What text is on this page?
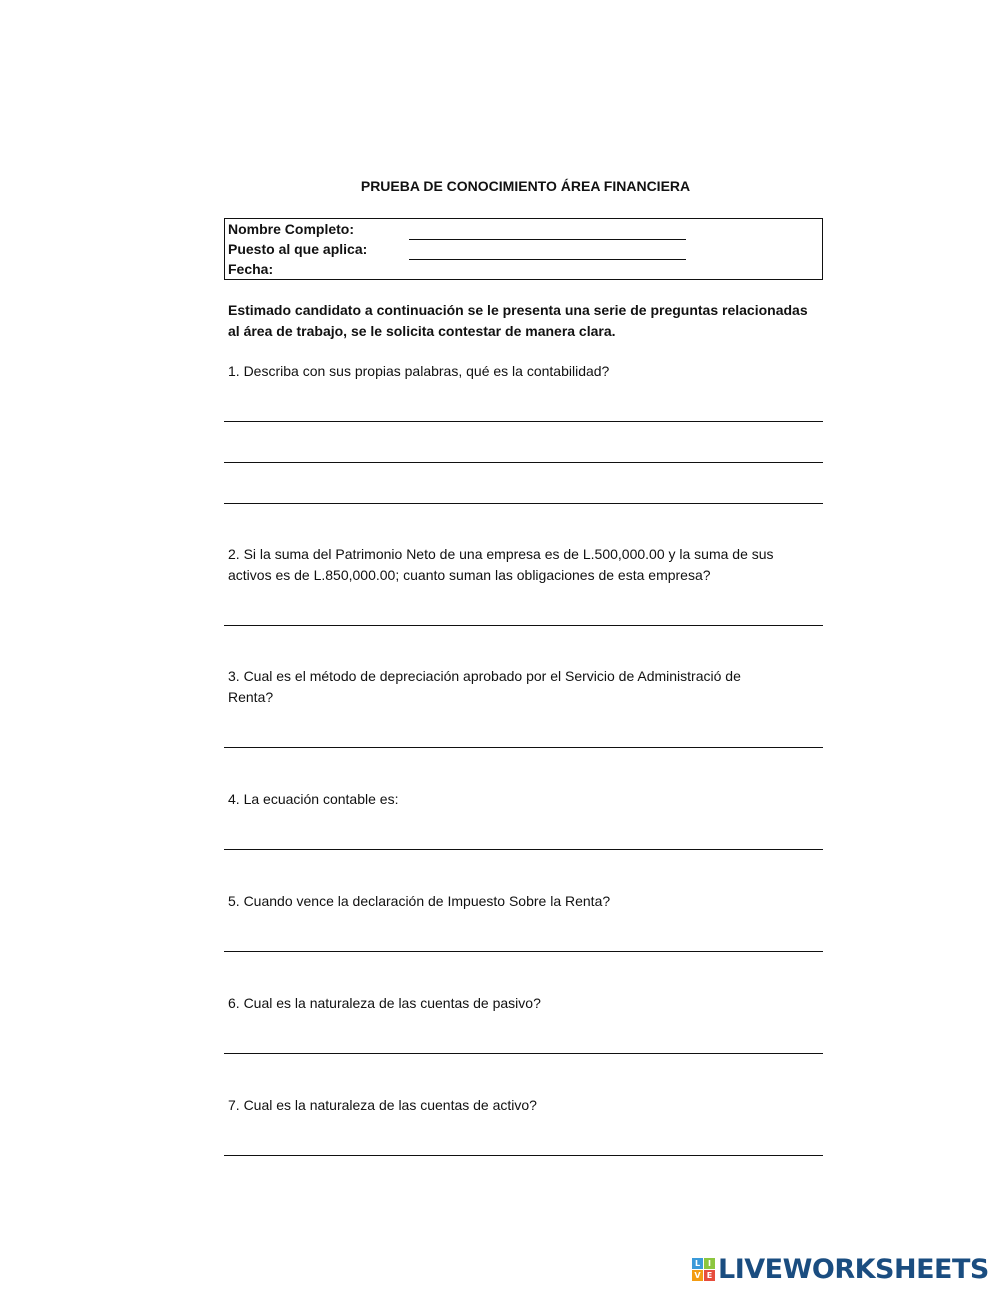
PRUEBA DE CONOCIMIENTO ÁREA FINANCIERA
Nombre Completo:
Puesto al que aplica:
Fecha:
Estimado candidato a continuación se le presenta una serie de preguntas relacionadas
al área de trabajo, se le solicita contestar de manera clara.
1. Describa con sus propias palabras, qué es la contabilidad?
2. Si la suma del Patrimonio Neto de una empresa es de L.500,000.00 y la suma de sus
activos es de L.850,000.00; cuanto suman las obligaciones de esta empresa?
3. Cual es el método de depreciación aprobado por el Servicio de Administració de
Renta?
4. La ecuación contable es:
5. Cuando vence la declaración de Impuesto Sobre la Renta?
6. Cual es la naturaleza de las cuentas de pasivo?
7. Cual es la naturaleza de las cuentas de activo?
L I
V E LIVEWORKSHEETS
